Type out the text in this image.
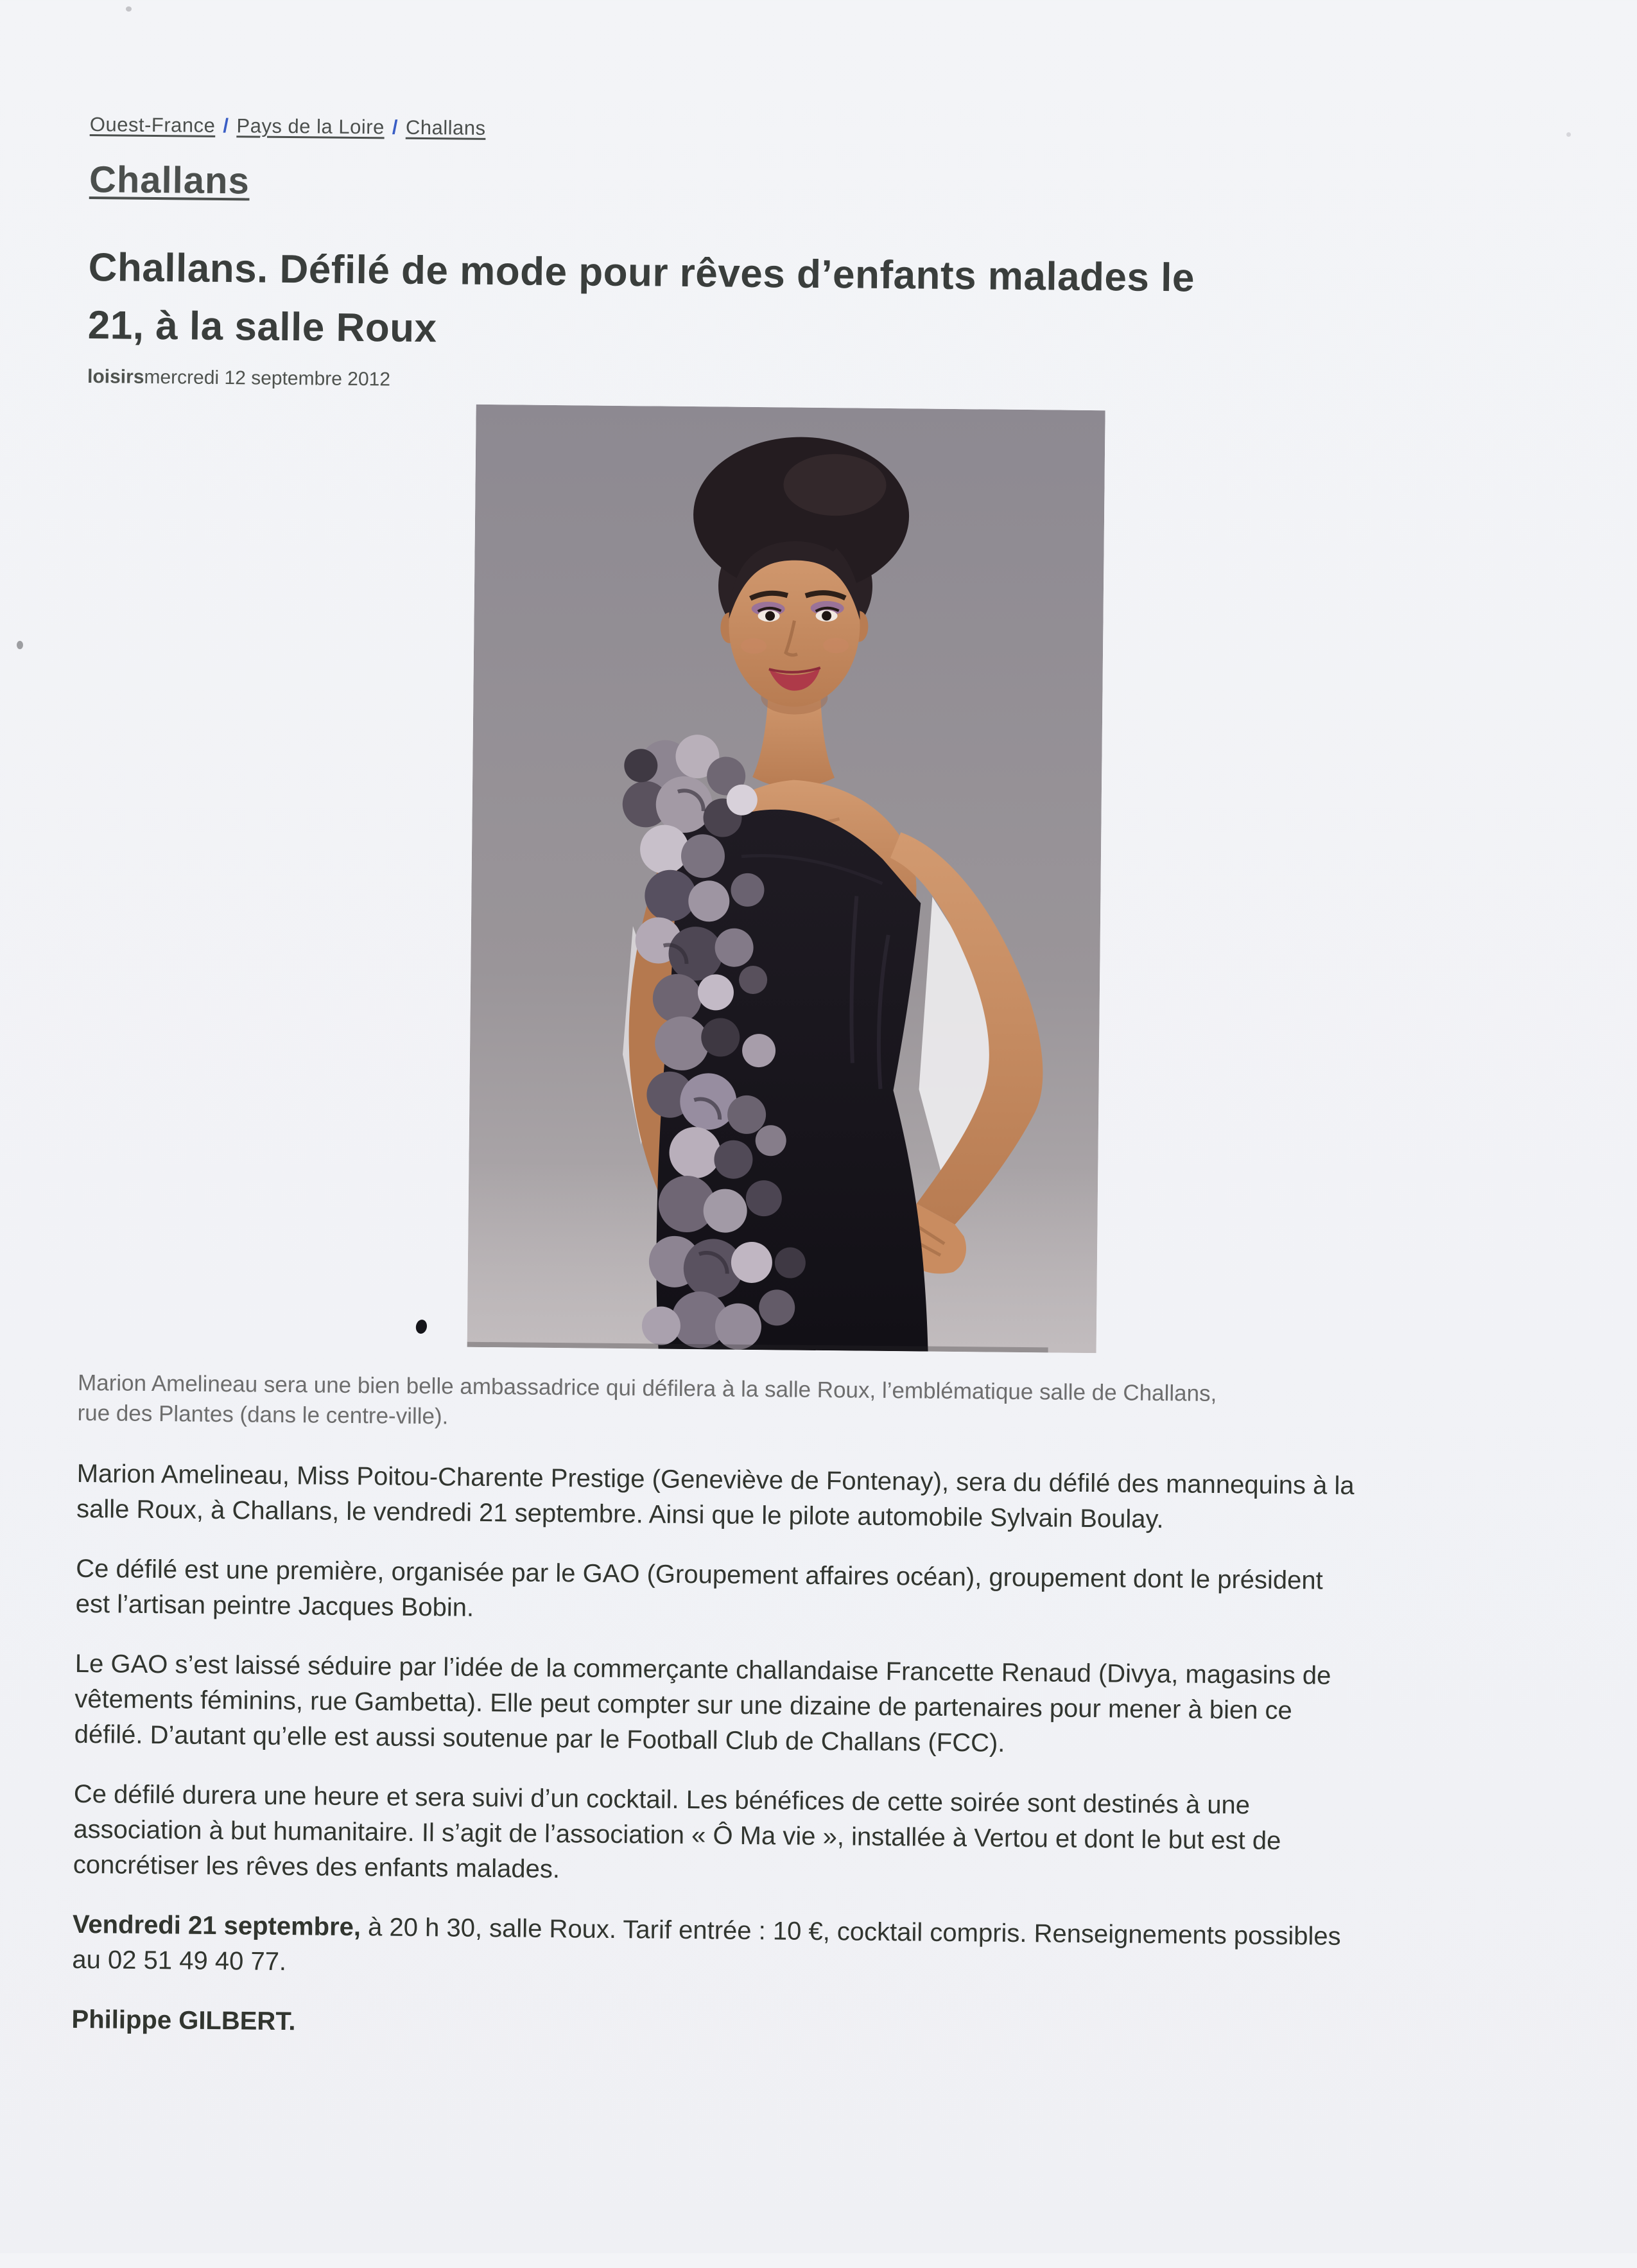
Ouest-France / Pays de la Loire / Challans
Challans
Challans. Défilé de mode pour rêves d’enfants malades le
21, à la salle Roux
loisirsmercredi 12 septembre 2012
Marion Amelineau sera une bien belle ambassadrice qui défilera à la salle Roux, l’emblématique salle de Challans,
rue des Plantes (dans le centre-ville).

Marion Amelineau, Miss Poitou-Charente Prestige (Geneviève de Fontenay), sera du défilé des mannequins à la
salle Roux, à Challans, le vendredi 21 septembre. Ainsi que le pilote automobile Sylvain Boulay.

Ce défilé est une première, organisée par le GAO (Groupement affaires océan), groupement dont le président
est l’artisan peintre Jacques Bobin.

Le GAO s’est laissé séduire par l’idée de la commerçante challandaise Francette Renaud (Divya, magasins de
vêtements féminins, rue Gambetta). Elle peut compter sur une dizaine de partenaires pour mener à bien ce
défilé. D’autant qu’elle est aussi soutenue par le Football Club de Challans (FCC).

Ce défilé durera une heure et sera suivi d’un cocktail. Les bénéfices de cette soirée sont destinés à une
association à but humanitaire. Il s’agit de l’association « Ô Ma vie », installée à Vertou et dont le but est de
concrétiser les rêves des enfants malades.

Vendredi 21 septembre, à 20 h 30, salle Roux. Tarif entrée : 10 €, cocktail compris. Renseignements possibles
au 02 51 49 40 77.

Philippe GILBERT.
